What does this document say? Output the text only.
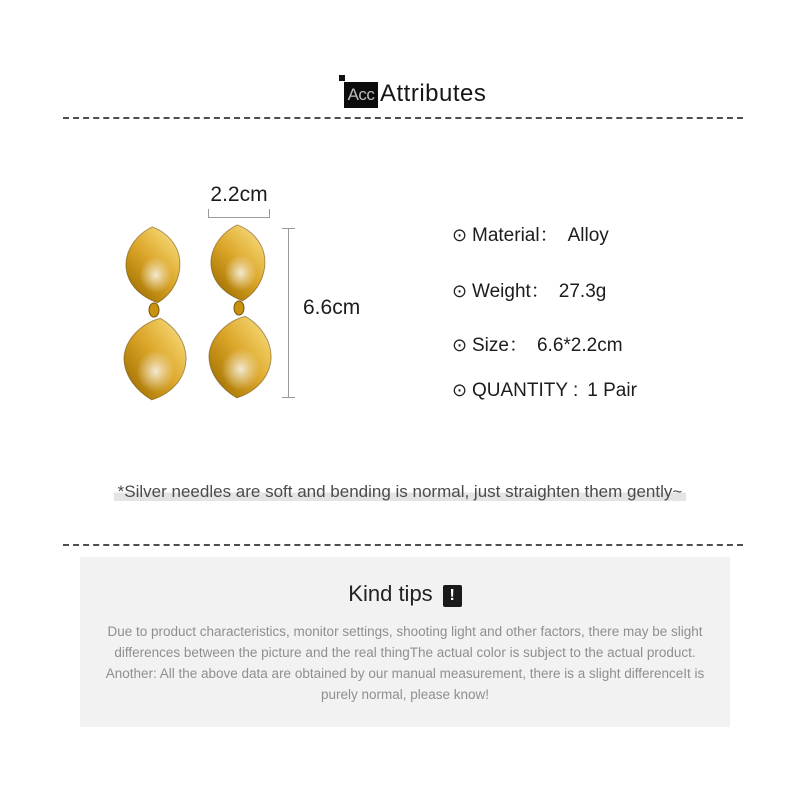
Acc Attributes
2.2cm
6.6cm
⊙ Material： Alloy
⊙ Weight： 27.3g
⊙ Size： 6.6*2.2cm
⊙ QUANTITY : 1 Pair
*Silver needles are soft and bending is normal, just straighten them gently~
Kind tips !
Due to product characteristics, monitor settings, shooting light and other factors, there may be slight
differences between the picture and the real thingThe actual color is subject to the actual product.
Another: All the above data are obtained by our manual measurement, there is a slight differenceIt is
purely normal, please know!
